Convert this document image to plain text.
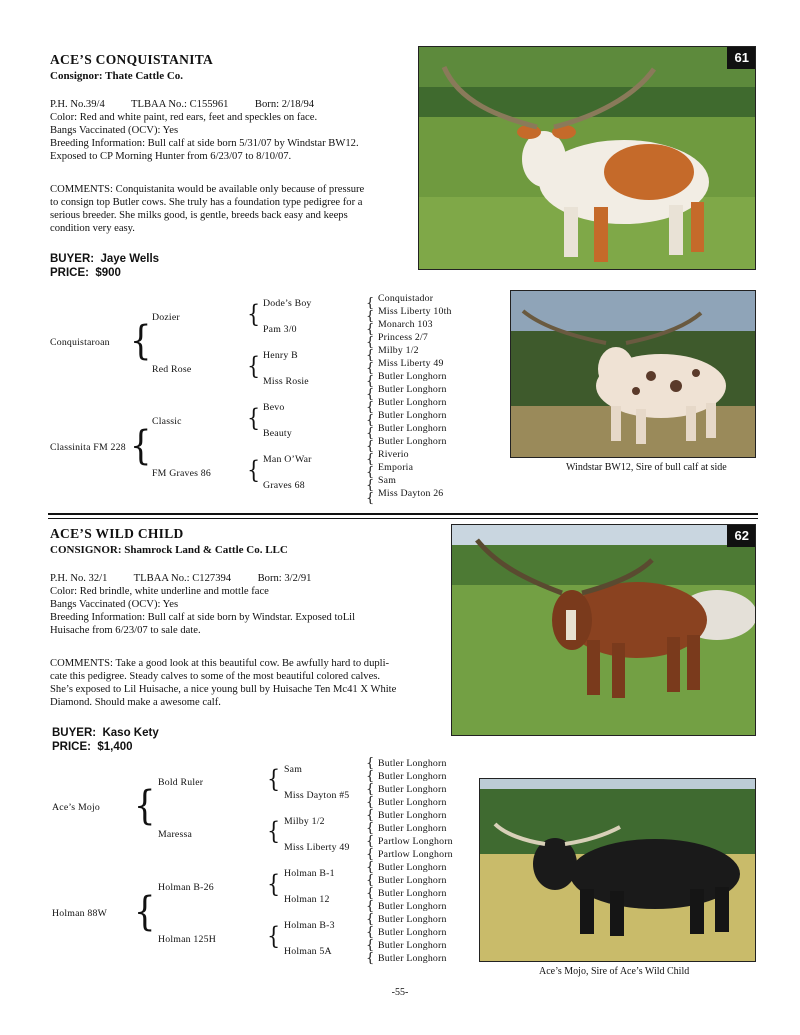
ACE’S CONQUISTANITA
Consignor: Thate Cattle Co.
P.H. No.39/4          TLBAA No.: C155961          Born: 2/18/94
Color: Red and white paint, red ears, feet and speckles on face.
Bangs Vaccinated (OCV): Yes
Breeding Information: Bull calf at side born 5/31/07 by Windstar BW12.
Exposed to CP Morning Hunter from 6/23/07 to 8/10/07.
COMMENTS: Conquistanita would be available only because of pressure
to consign top Butler cows. She truly has a foundation type pedigree for a
serious breeder. She milks good, is gentle, breeds back easy and keeps
condition very easy.
BUYER:  Jaye Wells
PRICE:  $900
61
Conquistaroan
Classinita FM 228
{
{
Dozier
Red Rose
Classic
FM Graves 86
{
{
{
{
Dode’s Boy
Pam 3/0
Henry B
Miss Rosie
Bevo
Beauty
Man O’War
Graves 68
{
{
{
{
{
{
{
{
{
{
{
{
{
{
{
{
Conquistador
Miss Liberty 10th
Monarch 103
Princess 2/7
Milby 1/2
Miss Liberty 49
Butler Longhorn
Butler Longhorn
Butler Longhorn
Butler Longhorn
Butler Longhorn
Butler Longhorn
Riverio
Emporia
Sam
Miss Dayton 26
Windstar BW12, Sire of bull calf at side
ACE’S WILD CHILD
CONSIGNOR: Shamrock Land & Cattle Co. LLC
P.H. No. 32/1          TLBAA No.: C127394          Born: 3/2/91
Color: Red brindle, white underline and mottle face
Bangs Vaccinated (OCV): Yes
Breeding Information: Bull calf at side born by Windstar. Exposed toLil
Huisache from 6/23/07 to sale date.
COMMENTS: Take a good look at this beautiful cow. Be awfully hard to dupli-
cate this pedigree. Steady calves to some of the most beautiful colored calves.
She’s exposed to Lil Huisache, a nice young bull by Huisache Ten Mc41 X White
Diamond. Should make a awesome calf.
BUYER:  Kaso Kety
PRICE:  $1,400
62
Ace’s Mojo
Holman 88W
{
{
Bold Ruler
Maressa
Holman B-26
Holman 125H
{
{
{
{
Sam
Miss Dayton #5
Milby 1/2
Miss Liberty 49
Holman B-1
Holman 12
Holman B-3
Holman 5A
{
{
{
{
{
{
{
{
{
{
{
{
{
{
{
{
Butler Longhorn
Butler Longhorn
Butler Longhorn
Butler Longhorn
Butler Longhorn
Butler Longhorn
Partlow Longhorn
Partlow Longhorn
Butler Longhorn
Butler Longhorn
Butler Longhorn
Butler Longhorn
Butler Longhorn
Butler Longhorn
Butler Longhorn
Butler Longhorn
Ace’s Mojo, Sire of Ace’s Wild Child
-55-
